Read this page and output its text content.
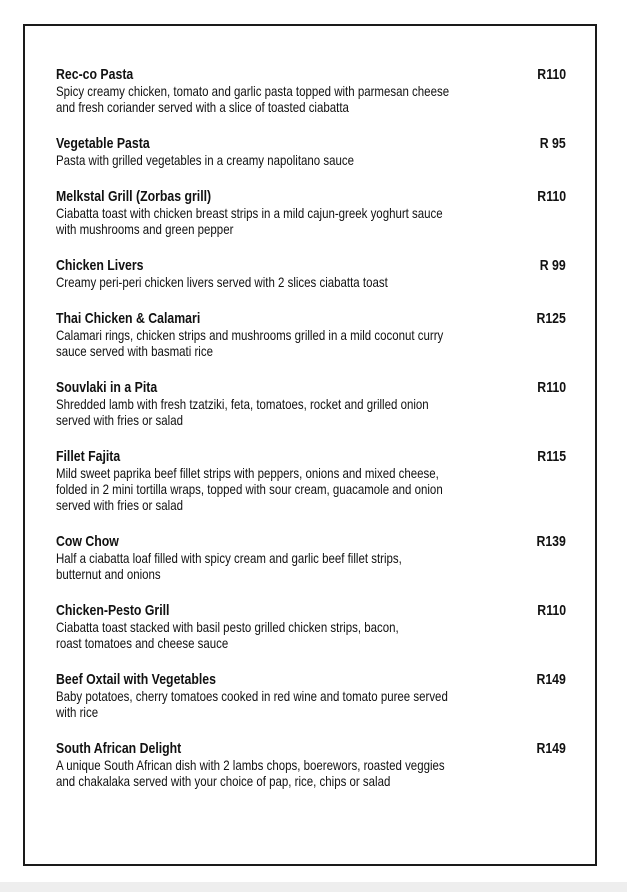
Rec-co Pasta	R110
Spicy creamy chicken, tomato and garlic pasta topped with parmesan cheese
and fresh coriander served with a slice of toasted ciabatta
Vegetable Pasta	R 95
Pasta with grilled vegetables in a creamy napolitano sauce
Melkstal Grill (Zorbas grill)	R110
Ciabatta toast with chicken breast strips in a mild cajun-greek yoghurt sauce
with mushrooms and green pepper
Chicken Livers	R 99
Creamy peri-peri chicken livers served with 2 slices ciabatta toast
Thai Chicken & Calamari	R125
Calamari rings, chicken strips and mushrooms grilled in a mild coconut curry
sauce served with basmati rice
Souvlaki in a Pita	R110
Shredded lamb with fresh tzatziki, feta, tomatoes, rocket and grilled onion
served with fries or salad
Fillet Fajita	R115
Mild sweet paprika beef fillet strips with peppers, onions and mixed cheese,
folded in 2 mini tortilla wraps, topped with sour cream, guacamole and onion
served with fries or salad
Cow Chow	R139
Half a ciabatta loaf filled with spicy cream and garlic beef fillet strips,
butternut and onions
Chicken-Pesto Grill	R110
Ciabatta toast stacked with basil pesto grilled chicken strips, bacon,
roast tomatoes and cheese sauce
Beef Oxtail with Vegetables	R149
Baby potatoes, cherry tomatoes cooked in red wine and tomato puree served
with rice
South African Delight	R149
A unique South African dish with 2 lambs chops, boerewors, roasted veggies
and chakalaka served with your choice of pap, rice, chips or salad
